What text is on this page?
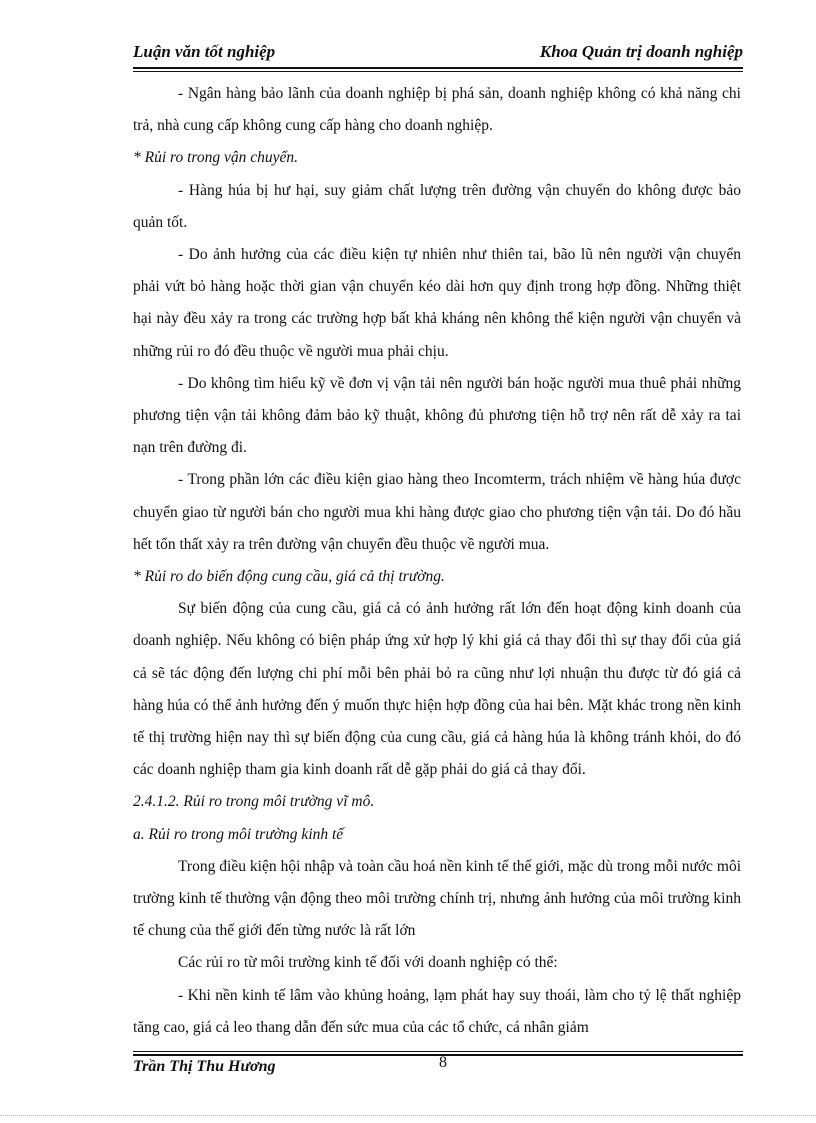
Luận văn tốt nghiệp	Khoa Quản trị doanh nghiệp

- Ngân hàng bảo lãnh của doanh nghiệp bị phá sản, doanh nghiệp không có khả năng chi trả, nhà cung cấp không cung cấp hàng cho doanh nghiệp.

* Rủi ro trong vận chuyển.

- Hàng húa bị hư hại, suy giảm chất lượng trên đường vận chuyển do không được bảo quản tốt.

- Do ảnh hưởng của các điều kiện tự nhiên như thiên tai, bão lũ nên người vận chuyển phải vứt bỏ hàng hoặc thời gian vận chuyển kéo dài hơn quy định trong hợp đồng. Những thiệt hại này đều xảy ra trong các trường hợp bất khả kháng nên không thể kiện người vận chuyển và những rủi ro đó đều thuộc về người mua phải chịu.

- Do không tìm hiểu kỹ về đơn vị vận tải nên người bán hoặc người mua thuê phải những phương tiện vận tải không đảm bảo kỹ thuật, không đủ phương tiện hỗ trợ nên rất dễ xảy ra tai nạn trên đường đi.

- Trong phần lớn các điều kiện giao hàng theo Incomterm, trách nhiệm về hàng húa được chuyển giao từ người bán cho người mua khi hàng được giao cho phương tiện vận tải. Do đó hầu hết tổn thất xảy ra trên đường vận chuyển đều thuộc về người mua.

* Rủi ro do biến động cung cầu, giá cả thị trường.

Sự biến động của cung cầu, giá cả có ảnh hưởng rất lớn đến hoạt động kinh doanh của doanh nghiệp. Nếu không có biện pháp ứng xử hợp lý khi giá cả thay đổi thì sự thay đổi của giá cả sẽ tác động đến lượng chi phí mỗi bên phải bỏ ra cũng như lợi nhuận thu được từ đó giá cả hàng húa có thể ảnh hưởng đến ý muốn thực hiện hợp đồng của hai bên. Mặt khác trong nền kinh tế thị trường hiện nay thì sự biến động của cung cầu, giá cả hàng húa là không tránh khỏi, do đó các doanh nghiệp tham gia kinh doanh rất dễ gặp phải do giá cả thay đổi.

2.4.1.2. Rủi ro trong môi trường vĩ mô.

a. Rủi ro trong môi trường kinh tế

Trong điều kiện hội nhập và toàn cầu hoá nền kinh tế thế giới, mặc dù trong mỗi nước môi trường kinh tế thường vận động theo môi trường chính trị, nhưng ảnh hưởng của môi trường kinh tế chung của thế giới đến từng nước là rất lớn

Các rủi ro từ môi trường kinh tế đối với doanh nghiệp có thể:

- Khi nền kinh tế lâm vào khủng hoảng, lạm phát hay suy thoái, làm cho tỷ lệ thất nghiệp tăng cao, giá cả leo thang dẫn đến sức mua của các tổ chức, cá nhân giảm

Trần Thị Thu Hương	8
